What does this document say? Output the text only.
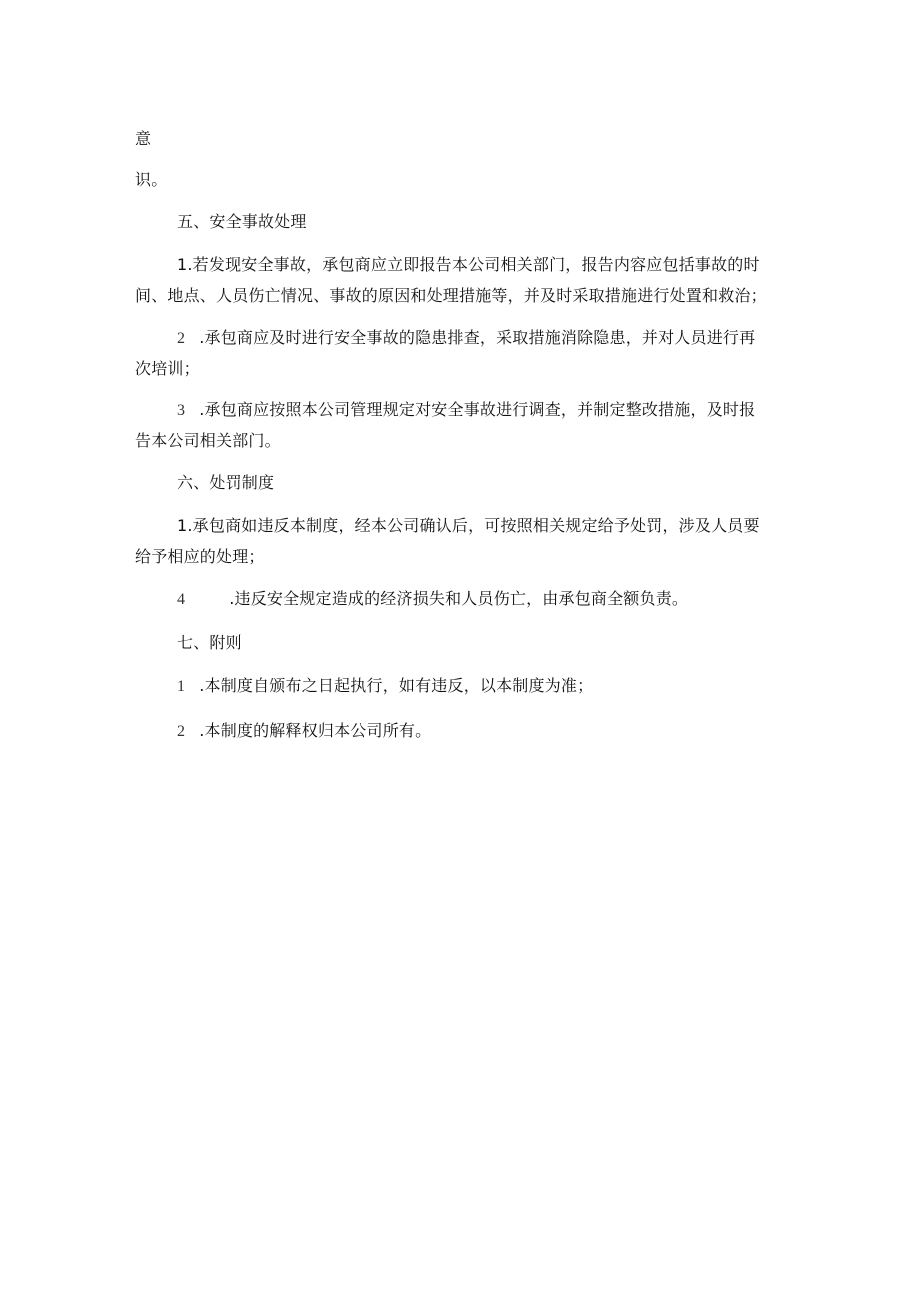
意
识。
五、安全事故处理
1.若发现安全事故，承包商应立即报告本公司相关部门，报告内容应包括事故的时
间、地点、人员伤亡情况、事故的原因和处理措施等，并及时采取措施进行处置和救治；
2 .承包商应及时进行安全事故的隐患排查，采取措施消除隐患，并对人员进行再
次培训；
3 .承包商应按照本公司管理规定对安全事故进行调查，并制定整改措施，及时报
告本公司相关部门。
六、处罚制度
1.承包商如违反本制度，经本公司确认后，可按照相关规定给予处罚，涉及人员要
给予相应的处理；
4	.违反安全规定造成的经济损失和人员伤亡，由承包商全额负责。
七、附则
1 .本制度自颁布之日起执行，如有违反，以本制度为准；
2 .本制度的解释权归本公司所有。
